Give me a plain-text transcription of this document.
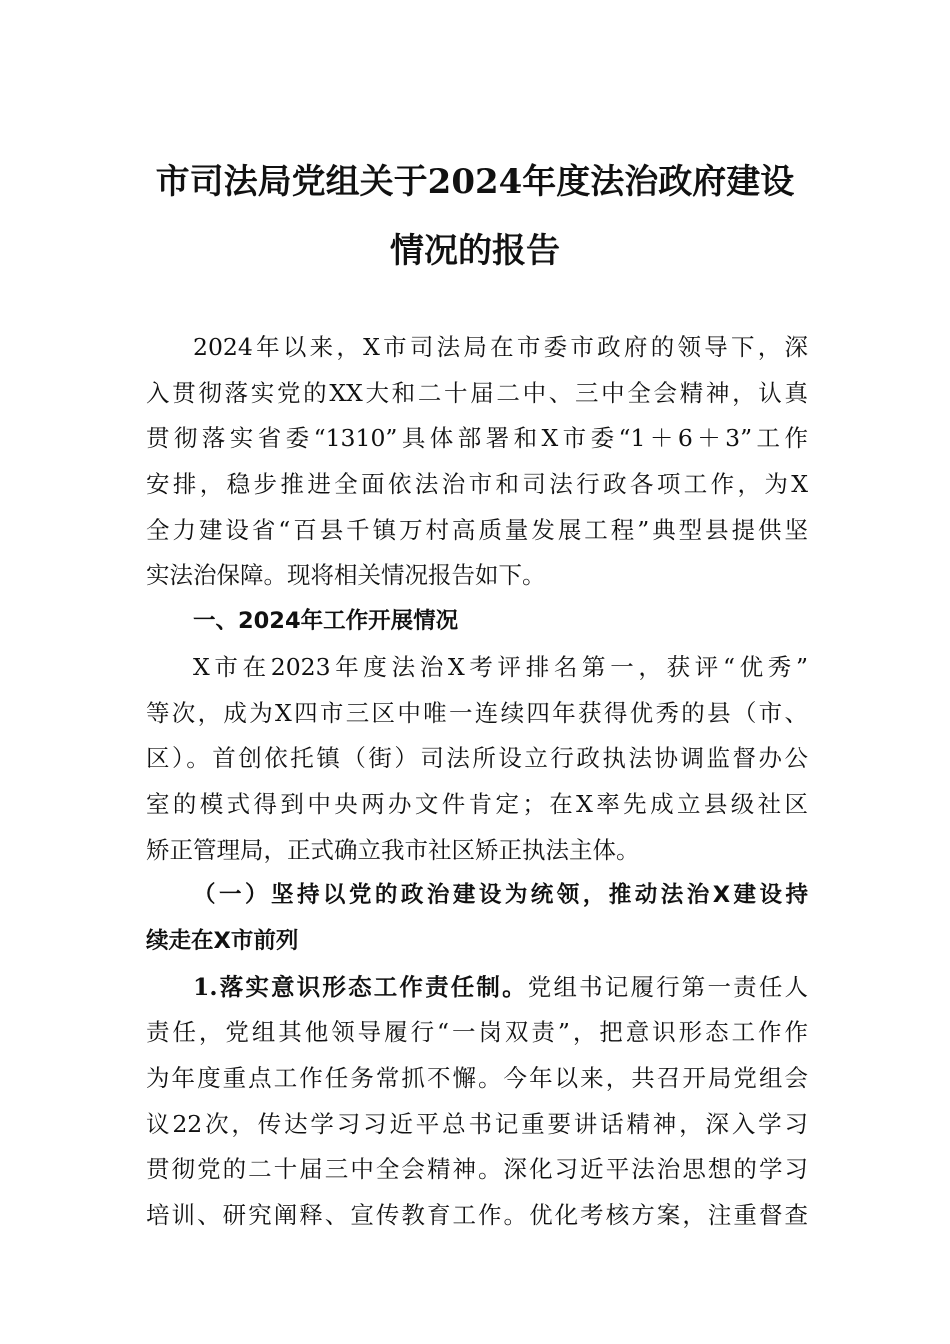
市司法局党组关于2024年度法治政府建设
情况的报告
2024年以来，X市司法局在市委市政府的领导下，深
入贯彻落实党的XX大和二十届二中、三中全会精神，认真
贯彻落实省委“1310”具体部署和X市委“1＋6＋3”工作
安排，稳步推进全面依法治市和司法行政各项工作，为X
全力建设省“百县千镇万村高质量发展工程”典型县提供坚
实法治保障。现将相关情况报告如下。
一、2024年工作开展情况
X市在2023年度法治X考评排名第一，获评“优秀”
等次，成为X四市三区中唯一连续四年获得优秀的县（市、
区）。首创依托镇（街）司法所设立行政执法协调监督办公
室的模式得到中央两办文件肯定；在X率先成立县级社区
矫正管理局，正式确立我市社区矫正执法主体。
（一）坚持以党的政治建设为统领，推动法治X建设持
续走在X市前列
1.落实意识形态工作责任制。党组书记履行第一责任人
责任，党组其他领导履行“一岗双责”，把意识形态工作作
为年度重点工作任务常抓不懈。今年以来，共召开局党组会
议22次，传达学习习近平总书记重要讲话精神，深入学习
贯彻党的二十届三中全会精神。深化习近平法治思想的学习
培训、研究阐释、宣传教育工作。优化考核方案，注重督查
